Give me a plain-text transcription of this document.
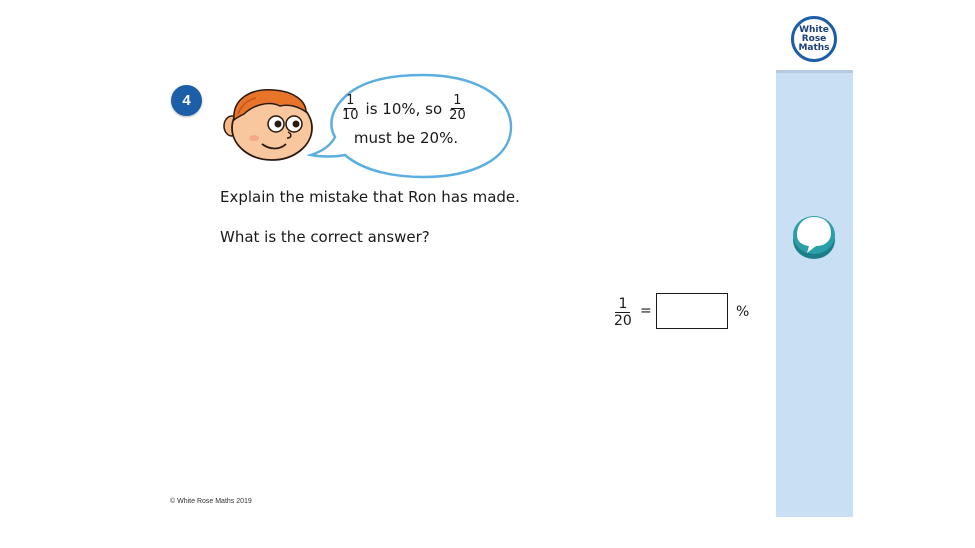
White
Rose
Maths
4	$\frac{1}{10}$ is 10%, so $\frac{1}{20}$
must be 20%.
Explain the mistake that Ron has made.
What is the correct answer?
$\frac{1}{20}$ =	%
© White Rose Maths 2019
